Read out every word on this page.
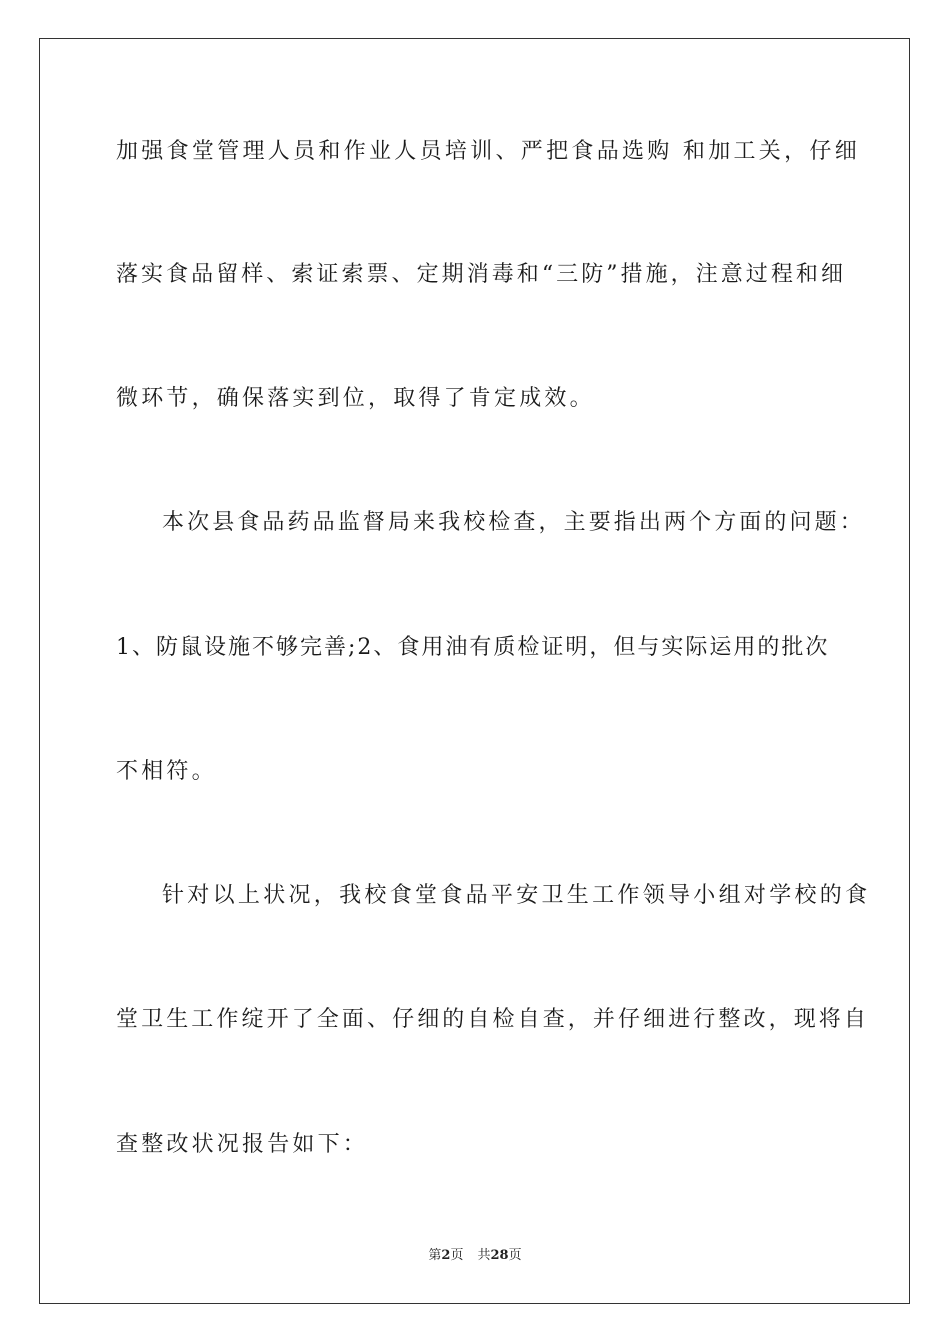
加强食堂管理人员和作业人员培训、严把食品选购 和加工关，仔细
落实食品留样、索证索票、定期消毒和“三防”措施，注意过程和细
微环节，确保落实到位，取得了肯定成效。
本次县食品药品监督局来我校检查，主要指出两个方面的问题：
1、防鼠设施不够完善;2、食用油有质检证明，但与实际运用的批次
不相符。
针对以上状况，我校食堂食品平安卫生工作领导小组对学校的食
堂卫生工作绽开了全面、仔细的自检自查，并仔细进行整改，现将自
查整改状况报告如下：
第2页 共28页
